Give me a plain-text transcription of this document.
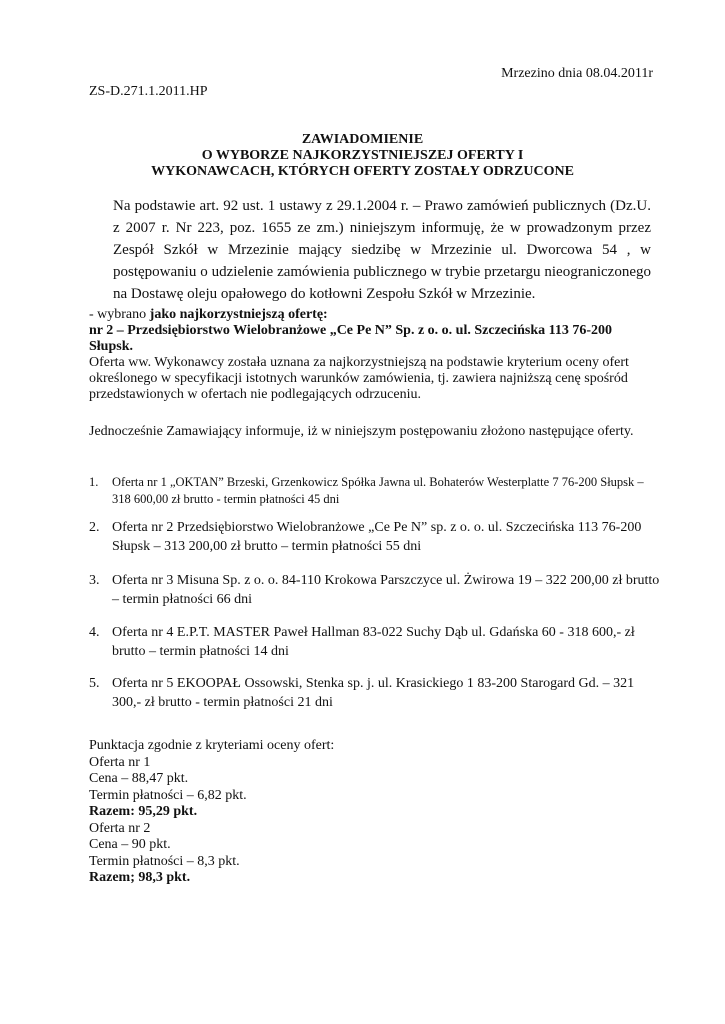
Mrzezino dnia 08.04.2011r
ZS-D.271.1.2011.HP
ZAWIADOMIENIE
O WYBORZE NAJKORZYSTNIEJSZEJ OFERTY I
WYKONAWCACH, KTÓRYCH OFERTY ZOSTAŁY ODRZUCONE
Na podstawie art. 92 ust. 1 ustawy z 29.1.2004 r. – Prawo zamówień publicznych (Dz.U. z 2007 r. Nr 223, poz. 1655 ze zm.) niniejszym informuję, że w prowadzonym przez Zespół Szkół w Mrzezinie mający siedzibę w Mrzezinie ul. Dworcowa 54 , w postępowaniu o udzielenie zamówienia publicznego w trybie przetargu nieograniczonego na Dostawę oleju opałowego do kotłowni Zespołu Szkół w Mrzezinie.
- wybrano jako najkorzystniejszą ofertę:
nr 2 – Przedsiębiorstwo Wielobranżowe „Ce Pe N” Sp. z o. o. ul. Szczecińska 113 76-200 Słupsk.
Oferta ww. Wykonawcy została uznana za najkorzystniejszą na podstawie kryterium oceny ofert określonego w specyfikacji istotnych warunków zamówienia, tj. zawiera najniższą cenę spośród przedstawionych w ofertach nie podlegających odrzuceniu.
Jednocześnie Zamawiający informuje, iż w niniejszym postępowaniu złożono następujące oferty.
1. Oferta nr 1 „OKTAN” Brzeski, Grzenkowicz Spółka Jawna ul. Bohaterów Westerplatte 7 76-200 Słupsk – 318 600,00 zł brutto - termin płatności 45 dni
2. Oferta nr 2 Przedsiębiorstwo Wielobranżowe „Ce Pe N” sp. z o. o. ul. Szczecińska 113 76-200 Słupsk – 313 200,00 zł brutto – termin płatności 55 dni
3. Oferta nr 3 Misuna Sp. z o. o. 84-110 Krokowa Parszczyce ul. Żwirowa 19 – 322 200,00 zł brutto – termin płatności 66 dni
4. Oferta nr 4 E.P.T. MASTER Paweł Hallman 83-022 Suchy Dąb ul. Gdańska 60 - 318 600,- zł brutto – termin płatności 14 dni
5. Oferta nr 5 EKOOPAŁ Ossowski, Stenka sp. j. ul. Krasickiego 1 83-200 Starogard Gd. – 321 300,- zł brutto - termin płatności 21 dni
Punktacja zgodnie z kryteriami oceny ofert:
Oferta nr 1
Cena – 88,47 pkt.
Termin płatności – 6,82 pkt.
Razem: 95,29 pkt.
Oferta nr 2
Cena – 90 pkt.
Termin płatności – 8,3 pkt.
Razem; 98,3 pkt.
